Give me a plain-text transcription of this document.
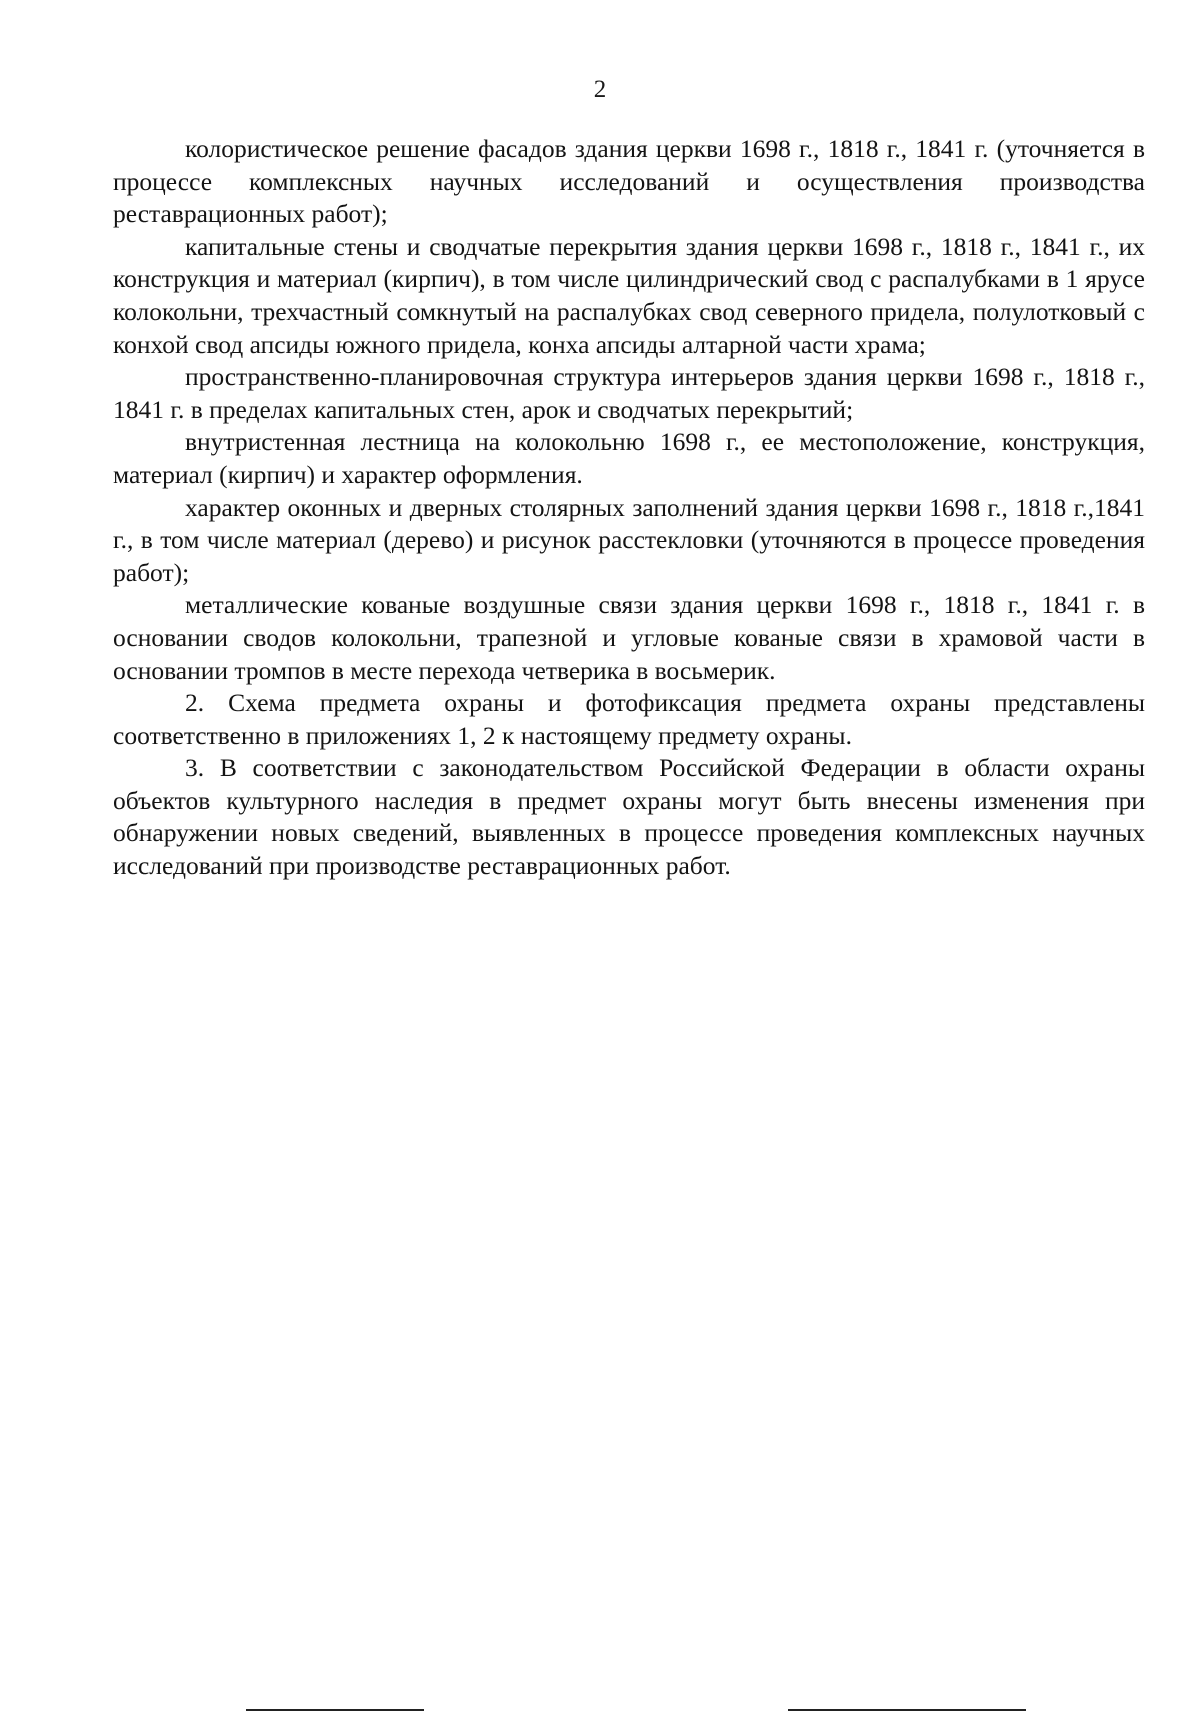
2

колористическое решение фасадов здания церкви 1698 г., 1818 г., 1841 г. (уточняется в процессе комплексных научных исследований и осуществления производства реставрационных работ);

капитальные стены и сводчатые перекрытия здания церкви 1698 г., 1818 г., 1841 г., их конструкция и материал (кирпич), в том числе цилиндрический свод с распалубками в 1 ярусе колокольни, трехчастный сомкнутый на распалубках свод северного придела, полулотковый с конхой свод апсиды южного придела, конха апсиды алтарной части храма;

пространственно-планировочная структура интерьеров здания церкви 1698 г., 1818 г., 1841 г. в пределах капитальных стен, арок и сводчатых перекрытий;

внутристенная лестница на колокольню 1698 г., ее местоположение, конструкция, материал (кирпич) и характер оформления.

характер оконных и дверных столярных заполнений здания церкви 1698 г., 1818 г.,1841 г., в том числе материал (дерево) и рисунок расстекловки (уточняются в процессе проведения работ);

металлические кованые воздушные связи здания церкви 1698 г., 1818 г., 1841 г. в основании сводов колокольни, трапезной и угловые кованые связи в храмовой части в основании тромпов в месте перехода четверика в восьмерик.

2. Схема предмета охраны и фотофиксация предмета охраны представлены соответственно в приложениях 1, 2 к настоящему предмету охраны.

3. В соответствии с законодательством Российской Федерации в области охраны объектов культурного наследия в предмет охраны могут быть внесены изменения при обнаружении новых сведений, выявленных в процессе проведения комплексных научных исследований при производстве реставрационных работ.
